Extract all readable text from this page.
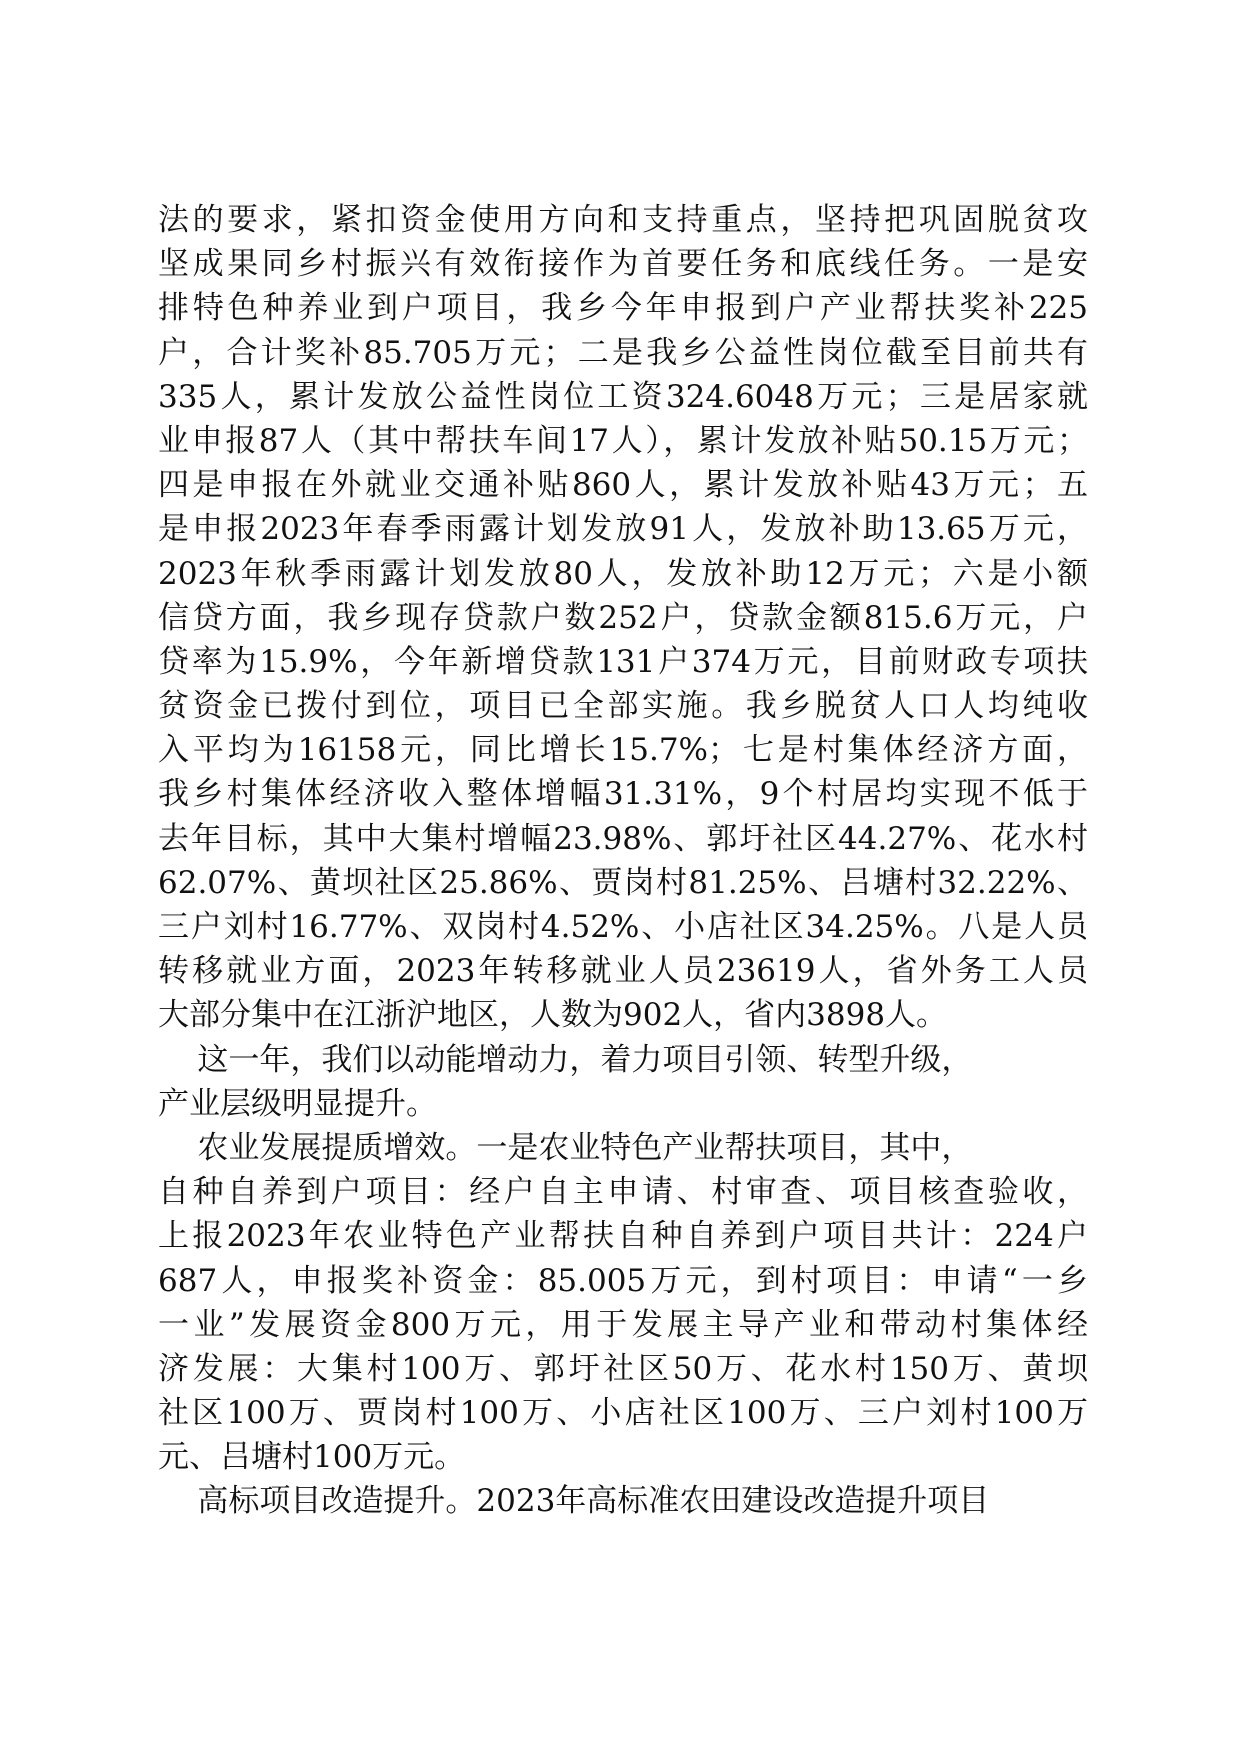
法的要求，紧扣资金使用方向和支持重点，坚持把巩固脱贫攻
坚成果同乡村振兴有效衔接作为首要任务和底线任务。一是安
排特色种养业到户项目，我乡今年申报到户产业帮扶奖补225
户，合计奖补85.705万元；二是我乡公益性岗位截至目前共有
335人，累计发放公益性岗位工资324.6048万元；三是居家就
业申报87人（其中帮扶车间17人），累计发放补贴50.15万元；
四是申报在外就业交通补贴860人，累计发放补贴43万元；五
是申报2023年春季雨露计划发放91人，发放补助13.65万元，
2023年秋季雨露计划发放80人，发放补助12万元；六是小额
信贷方面，我乡现存贷款户数252户，贷款金额815.6万元，户
贷率为15.9%，今年新增贷款131户374万元，目前财政专项扶
贫资金已拨付到位，项目已全部实施。我乡脱贫人口人均纯收
入平均为16158元，同比增长15.7%；七是村集体经济方面，
我乡村集体经济收入整体增幅31.31%，9个村居均实现不低于
去年目标，其中大集村增幅23.98%、郭圩社区44.27%、花水村
62.07%、黄坝社区25.86%、贾岗村81.25%、吕塘村32.22%、
三户刘村16.77%、双岗村4.52%、小店社区34.25%。八是人员
转移就业方面，2023年转移就业人员23619人，省外务工人员
大部分集中在江浙沪地区，人数为902人，省内3898人。
这一年，我们以动能增动力，着力项目引领、转型升级，
产业层级明显提升。
农业发展提质增效。一是农业特色产业帮扶项目，其中，
自种自养到户项目：经户自主申请、村审查、项目核查验收，
上报2023年农业特色产业帮扶自种自养到户项目共计：224户
687人，申报奖补资金：85.005万元，到村项目：申请“一乡
一业”发展资金800万元，用于发展主导产业和带动村集体经
济发展：大集村100万、郭圩社区50万、花水村150万、黄坝
社区100万、贾岗村100万、小店社区100万、三户刘村100万
元、吕塘村100万元。
高标项目改造提升。2023年高标准农田建设改造提升项目
